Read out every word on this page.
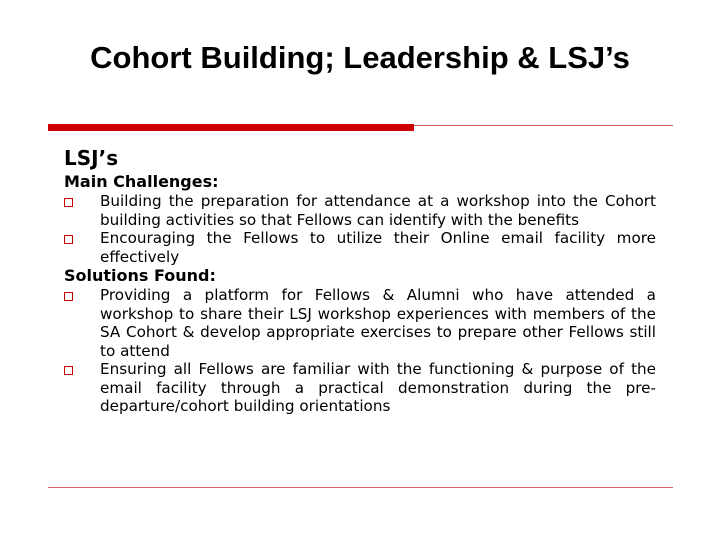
Cohort Building; Leadership & LSJ’s
LSJ’s
Main Challenges:
Building the preparation for attendance at a workshop into the Cohort building activities so that Fellows can identify with the benefits
Encouraging the Fellows to utilize their Online email facility more effectively
Solutions Found:
Providing a platform for Fellows & Alumni who have attended a workshop to share their LSJ workshop experiences with members of the SA Cohort & develop appropriate exercises to prepare other Fellows still to attend
Ensuring all Fellows are familiar with the functioning & purpose of the email facility through a practical demonstration during the pre-departure/cohort building orientations
